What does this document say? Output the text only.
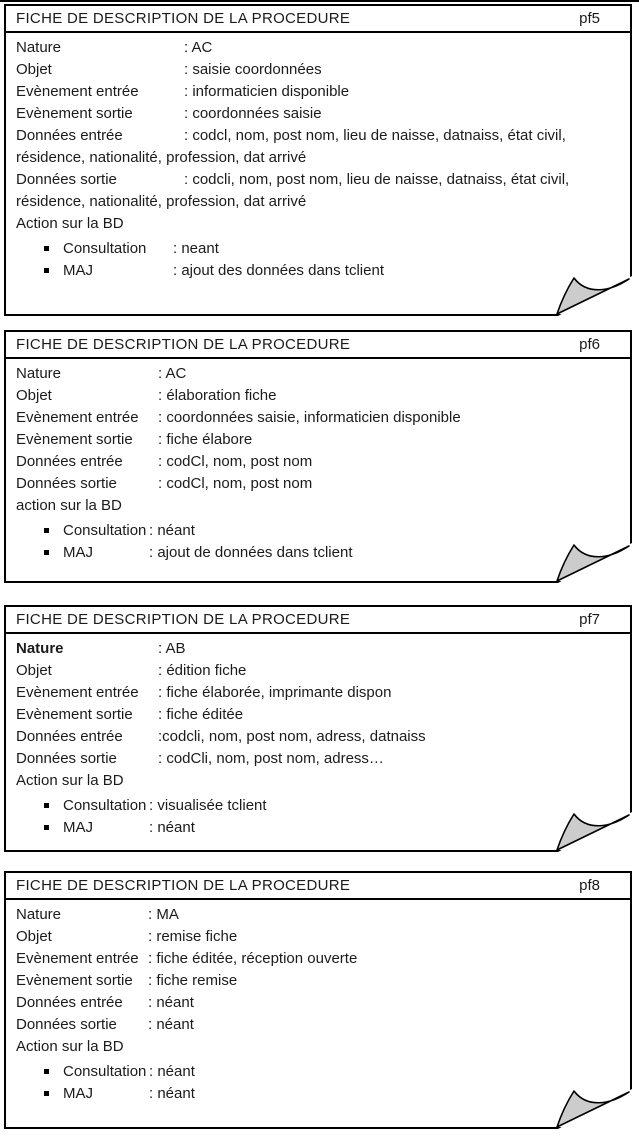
FICHE DE DESCRIPTION DE LA PROCEDURE	pf5
Nature	: AC
Objet	: saisie coordonnées
Evènement entrée	: informaticien disponible
Evènement sortie	: coordonnées saisie
Données entrée	: codcl, nom, post nom, lieu de naisse, datnaiss, état civil, résidence, nationalité, profession, dat arrivé
Données sortie	: codcli, nom, post nom, lieu de naisse, datnaiss, état civil, résidence, nationalité, profession, dat arrivé
Action sur la BD
Consultation : neant
MAJ	: ajout des données dans tclient
FICHE DE DESCRIPTION DE LA PROCEDURE	pf6
Nature	: AC
Objet	: élaboration fiche
Evènement entrée : coordonnées saisie, informaticien disponible
Evènement sortie : fiche élabore
Données entrée : codCl, nom, post nom
Données sortie	: codCl, nom, post nom
action sur la BD
Consultation : néant
MAJ	: ajout de données dans tclient
FICHE DE DESCRIPTION DE LA PROCEDURE	pf7
Nature	: AB
Objet	: édition fiche
Evènement entrée : fiche élaborée, imprimante dispon
Evènement sortie : fiche éditée
Données entrée :codcli, nom, post nom, adress, datnaiss
Données sortie	: codCli, nom, post nom, adress…
Action sur la BD
Consultation : visualisée tclient
MAJ	: néant
FICHE DE DESCRIPTION DE LA PROCEDURE	pf8
Nature	: MA
Objet	: remise fiche
Evènement entrée : fiche éditée, réception ouverte
Evènement sortie : fiche remise
Données entrée : néant
Données sortie : néant
Action sur la BD
Consultation : néant
MAJ	: néant
